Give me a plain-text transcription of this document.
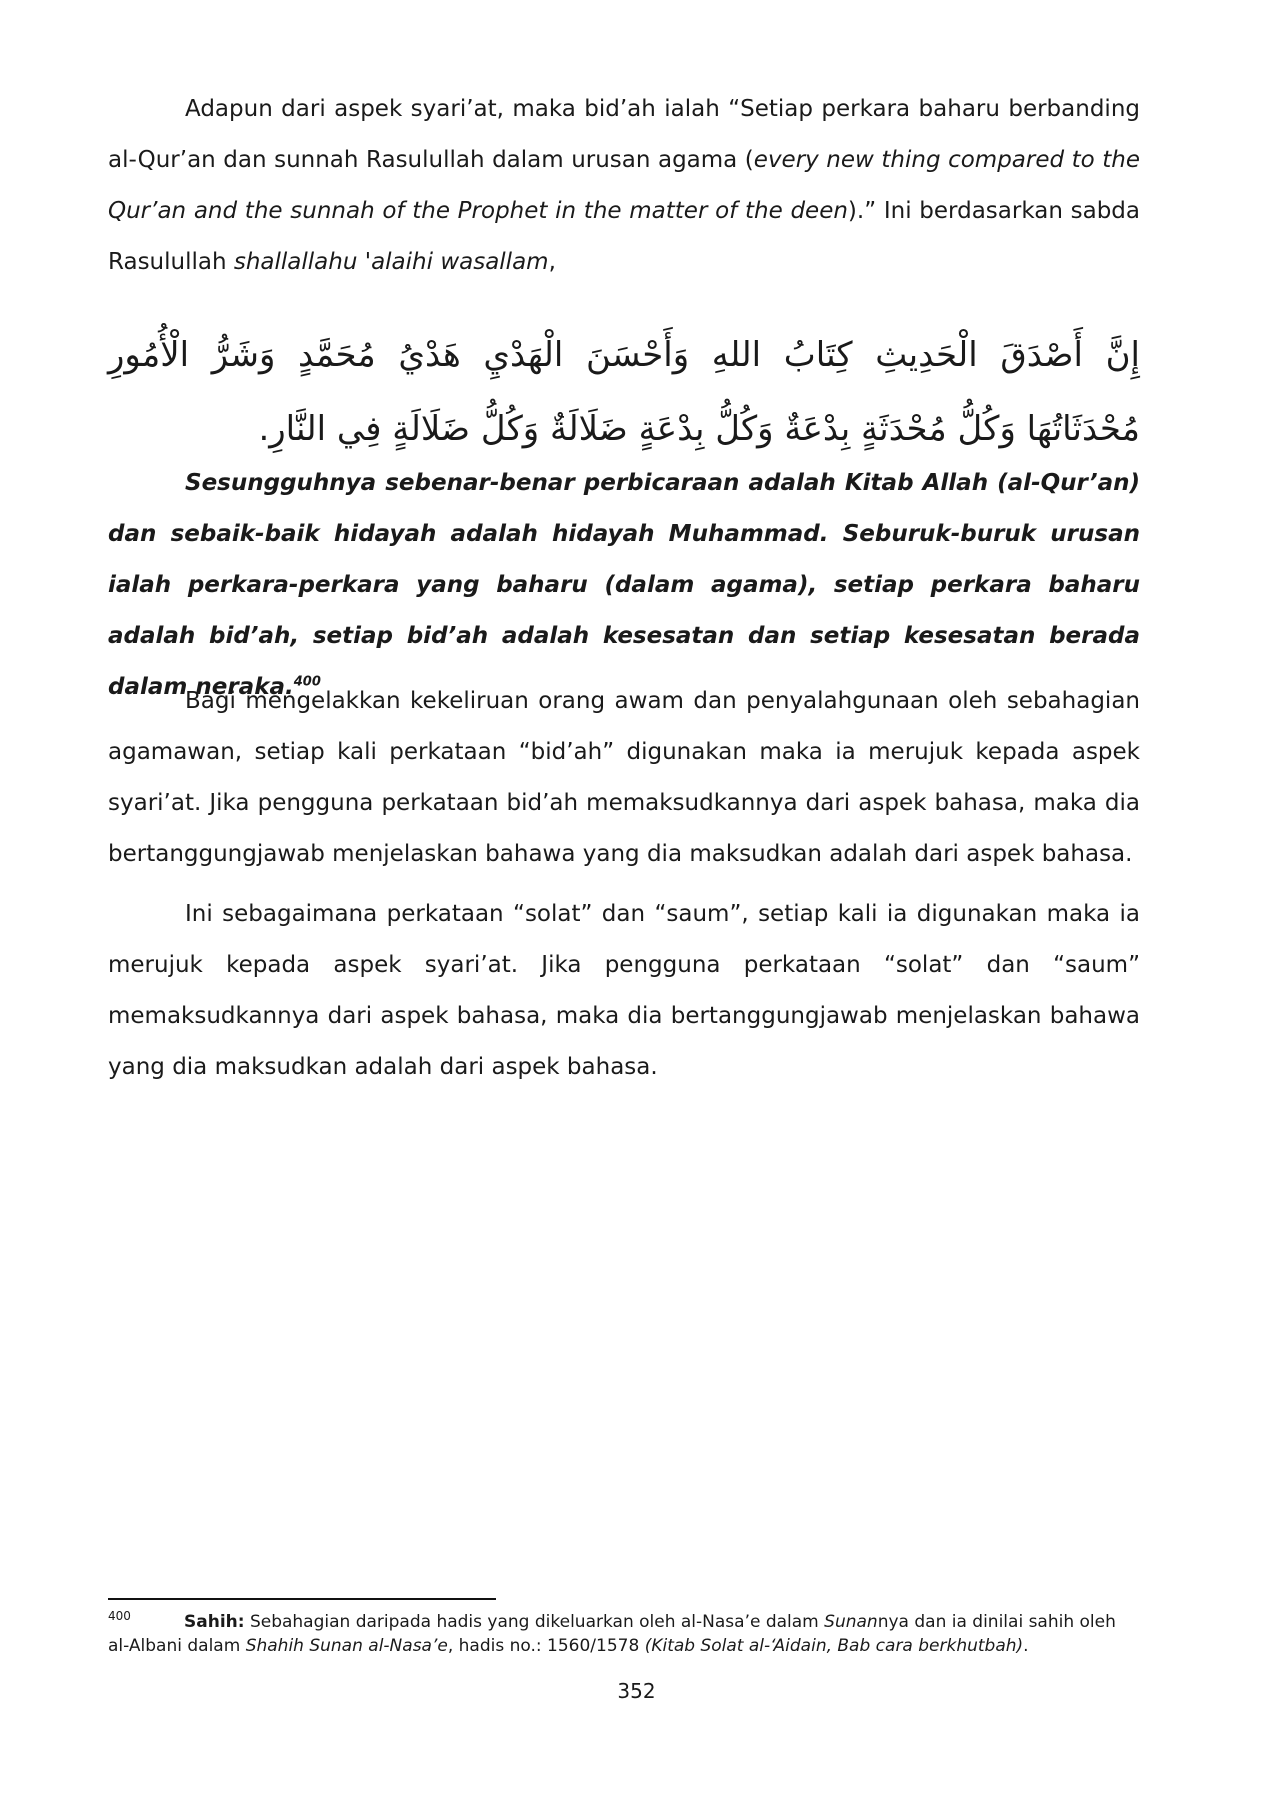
Adapun dari aspek syari’at, maka bid’ah ialah “Setiap perkara baharu berbanding al-Qur’an dan sunnah Rasulullah dalam urusan agama (every new thing compared to the Qur’an and the sunnah of the Prophet in the matter of the deen).” Ini berdasarkan sabda Rasulullah shallallahu 'alaihi wasallam,

إِنَّ أَصْدَقَ الْحَدِيثِ كِتَابُ اللهِ وَأَحْسَنَ الْهَدْيِ هَدْيُ مُحَمَّدٍ وَشَرُّ الْأُمُورِ مُحْدَثَاتُهَا وَكُلُّ مُحْدَثَةٍ بِدْعَةٌ وَكُلُّ بِدْعَةٍ ضَلَالَةٌ وَكُلُّ ضَلَالَةٍ فِي النَّارِ.

Sesungguhnya sebenar-benar perbicaraan adalah Kitab Allah (al-Qur’an) dan sebaik-baik hidayah adalah hidayah Muhammad. Seburuk-buruk urusan ialah perkara-perkara yang baharu (dalam agama), setiap perkara baharu adalah bid’ah, setiap bid’ah adalah kesesatan dan setiap kesesatan berada dalam neraka.$^{400}$

Bagi mengelakkan kekeliruan orang awam dan penyalahgunaan oleh sebahagian agamawan, setiap kali perkataan “bid’ah” digunakan maka ia merujuk kepada aspek syari’at. Jika pengguna perkataan bid’ah memaksudkannya dari aspek bahasa, maka dia bertanggungjawab menjelaskan bahawa yang dia maksudkan adalah dari aspek bahasa.

Ini sebagaimana perkataan “solat” dan “saum”, setiap kali ia digunakan maka ia merujuk kepada aspek syari’at. Jika pengguna perkataan “solat” dan “saum” memaksudkannya dari aspek bahasa, maka dia bertanggungjawab menjelaskan bahawa yang dia maksudkan adalah dari aspek bahasa.

400	Sahih: Sebahagian daripada hadis yang dikeluarkan oleh al-Nasa’e dalam Sunannya dan ia dinilai sahih oleh al-Albani dalam Shahih Sunan al-Nasa’e, hadis no.: 1560/1578 (Kitab Solat al-‘Aidain, Bab cara berkhutbah).

352
